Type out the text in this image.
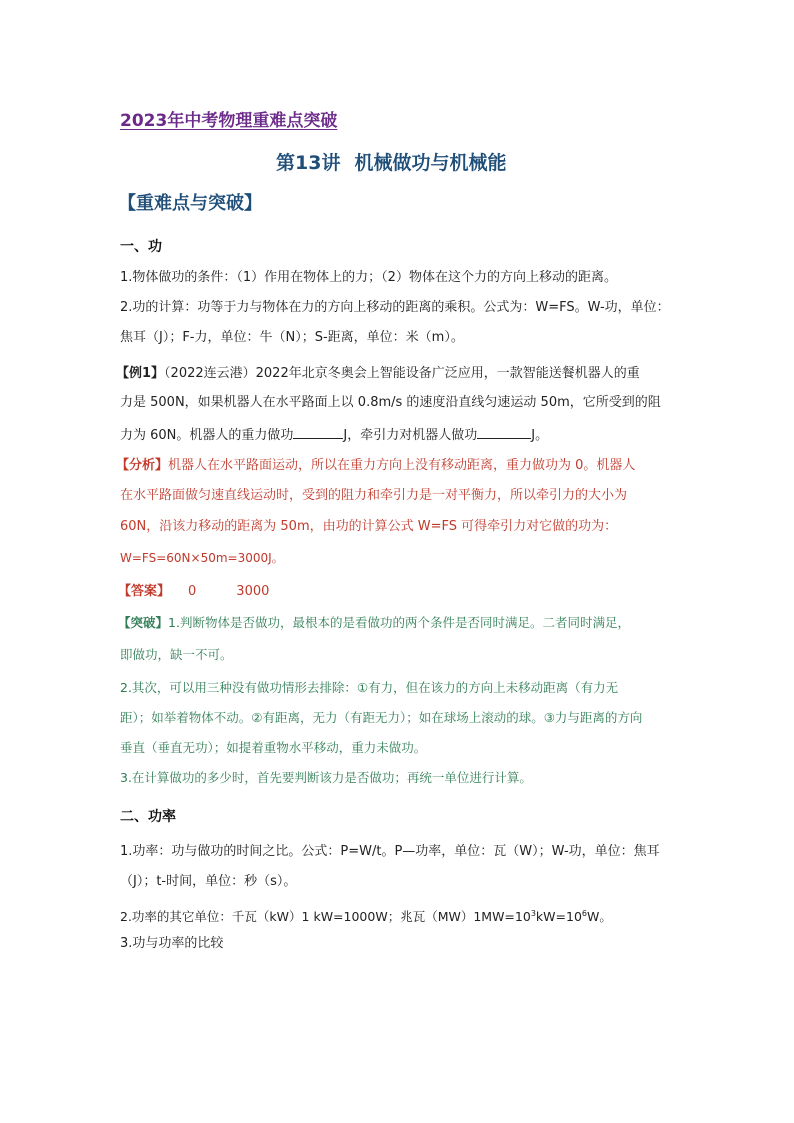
2023年中考物理重难点突破
第13讲 机械做功与机械能
【重难点与突破】
一、功
1.物体做功的条件：（1）作用在物体上的力；（2）物体在这个力的方向上移动的距离。
2.功的计算：功等于力与物体在力的方向上移动的距离的乘积。公式为：W=FS。W-功，单位：
焦耳（J）；F-力，单位：牛（N）；S-距离，单位：米（m）。
【例1】（2022连云港）2022年北京冬奥会上智能设备广泛应用，一款智能送餐机器人的重
力是 500N，如果机器人在水平路面上以 0.8m/s 的速度沿直线匀速运动 50m，它所受到的阻
力为 60N。机器人的重力做功	J，牵引力对机器人做功	J。
【分析】机器人在水平路面运动，所以在重力方向上没有移动距离，重力做功为 0。机器人
在水平路面做匀速直线运动时，受到的阻力和牵引力是一对平衡力，所以牵引力的大小为
60N，沿该力移动的距离为 50m，由功的计算公式 W=FS 可得牵引力对它做的功为：
W=FS=60N×50m=3000J。
【答案】 0	3000
【突破】1.判断物体是否做功，最根本的是看做功的两个条件是否同时满足。二者同时满足，
即做功，缺一不可。
2.其次，可以用三种没有做功情形去排除：①有力，但在该力的方向上未移动距离（有力无
距）；如举着物体不动。②有距离，无力（有距无力）；如在球场上滚动的球。③力与距离的方向
垂直（垂直无功）；如提着重物水平移动，重力未做功。
3.在计算做功的多少时，首先要判断该力是否做功；再统一单位进行计算。
二、功率
1.功率：功与做功的时间之比。公式：P=W/t。P—功率，单位：瓦（W）；W-功，单位：焦耳
（J）；t-时间，单位：秒（s）。
2.功率的其它单位：千瓦（kW）1 kW=1000W；兆瓦$(MW)1MW=10^3kW=10^6W$。
3.功与功率的比较
